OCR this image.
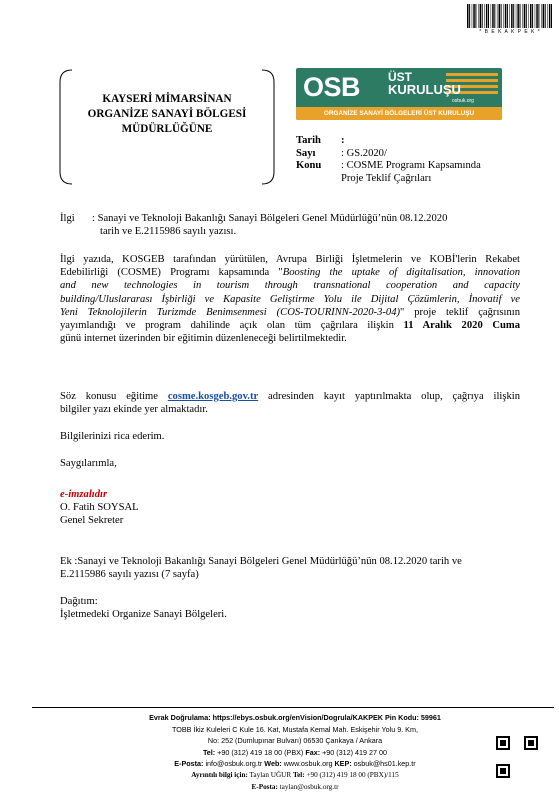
* B E K A K P E K *
KAYSERİ MİMARSİNAN
ORGANİZE SANAYİ BÖLGESİ
MÜDÜRLÜĞÜNE
OSB ÜST
KURULUŞU
osbuk.org
ORGANİZE SANAYİ BÖLGELERİ ÜST KURULUŞU
Tarih	:
Sayı	: GS.2020/
Konu	: COSME Programı Kapsamında
Proje Teklif Çağrıları
İlgi	: Sanayi ve Teknoloji Bakanlığı Sanayi Bölgeleri Genel Müdürlüğü’nün 08.12.2020
tarih ve E.2115986 sayılı yazısı.
İlgi yazıda, KOSGEB tarafından yürütülen, Avrupa Birliği İşletmelerin ve KOBİ'lerin Rekabet
Edebilirliği (COSME) Programı kapsamında "Boosting the uptake of digitalisation, innovation
and new technologies in tourism through transnational cooperation and capacity
building/Uluslararası İşbirliği ve Kapasite Geliştirme Yolu ile Dijital Çözümlerin, İnovatif ve
Yeni Teknolojilerin Turizmde Benimsenmesi (COS-TOURINN-2020-3-04)" proje teklif çağrısının
yayımlandığı ve program dahilinde açık olan tüm çağrılara ilişkin 11 Aralık 2020 Cuma
günü internet üzerinden bir eğitimin düzenleneceği belirtilmektedir.
Söz konusu eğitime cosme.kosgeb.gov.tr adresinden kayıt yaptırılmakta olup, çağrıya ilişkin
bilgiler yazı ekinde yer almaktadır.
Bilgilerinizi rica ederim.
Saygılarımla,
e-imzalıdır
O. Fatih SOYSAL
Genel Sekreter
Ek :Sanayi ve Teknoloji Bakanlığı Sanayi Bölgeleri Genel Müdürlüğü’nün 08.12.2020 tarih ve
E.2115986 sayılı yazısı (7 sayfa)
Dağıtım:
İşletmedeki Organize Sanayi Bölgeleri.
Evrak Doğrulama: https://ebys.osbuk.org/enVision/Dogrula/KAKPEK Pin Kodu: 59961
TOBB İkiz Kuleleri C Kule 16. Kat, Mustafa Kemal Mah. Eskişehir Yolu 9. Km,
No: 252 (Dumlupınar Bulvarı) 06530 Çankaya / Ankara
Tel: +90 (312) 419 18 00 (PBX) Fax: +90 (312) 419 27 00
E-Posta: info@osbuk.org.tr Web: www.osbuk.org KEP: osbuk@hs01.kep.tr
Ayrıntılı bilgi için: Taylan UĞUR Tel: +90 (312) 419 18 00 (PBX)/115
E-Posta: taylan@osbuk.org.tr
